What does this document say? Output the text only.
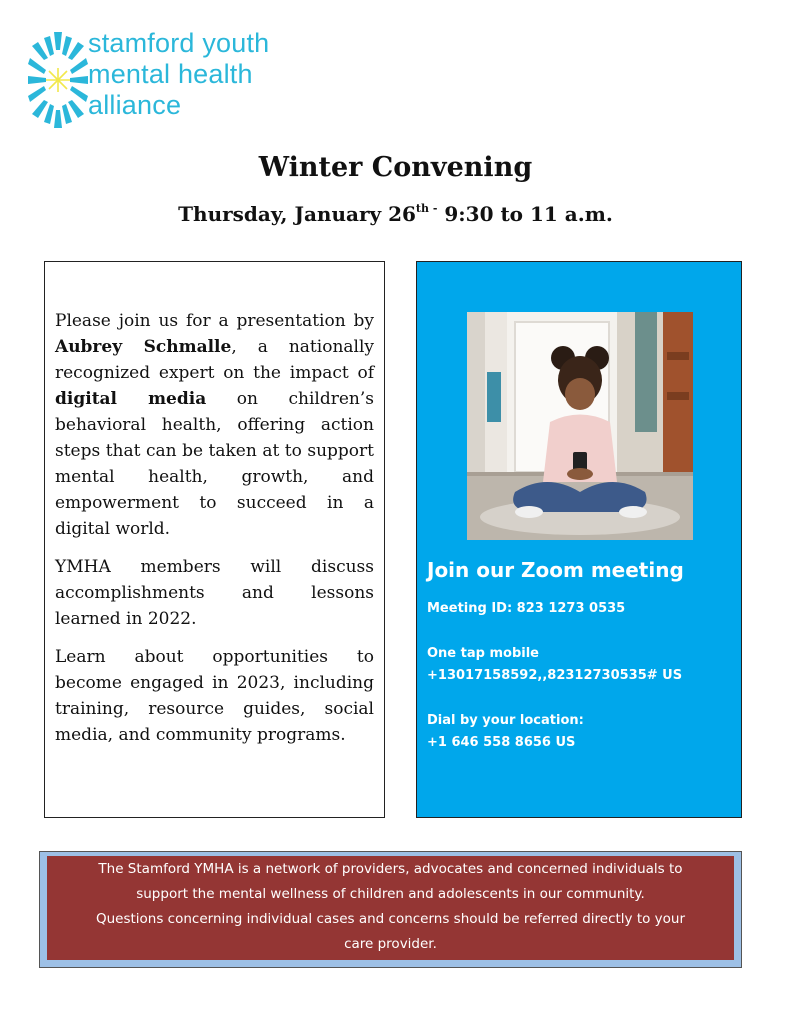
stamford youth
mental health
alliance
Winter Convening
Thursday, January $26^{th -}$ 9:30 to 11 a.m.

Please join us for a presentation by Aubrey Schmalle, a nationally recognized expert on the impact of digital media on children’s behavioral health, offering action steps that can be taken at to support mental health, growth, and empowerment to succeed in a digital world.

YMHA members will discuss accomplishments and lessons learned in 2022.

Learn about opportunities to become engaged in 2023, including training, resource guides, social media, and community programs.

Join our Zoom meeting
Meeting ID: 823 1273 0535
One tap mobile
+13017158592,,82312730535# US
Dial by your location:
+1 646 558 8656 US
The Stamford YMHA is a network of providers, advocates and concerned individuals to
support the mental wellness of children and adolescents in our community.
Questions concerning individual cases and concerns should be referred directly to your
care provider.
